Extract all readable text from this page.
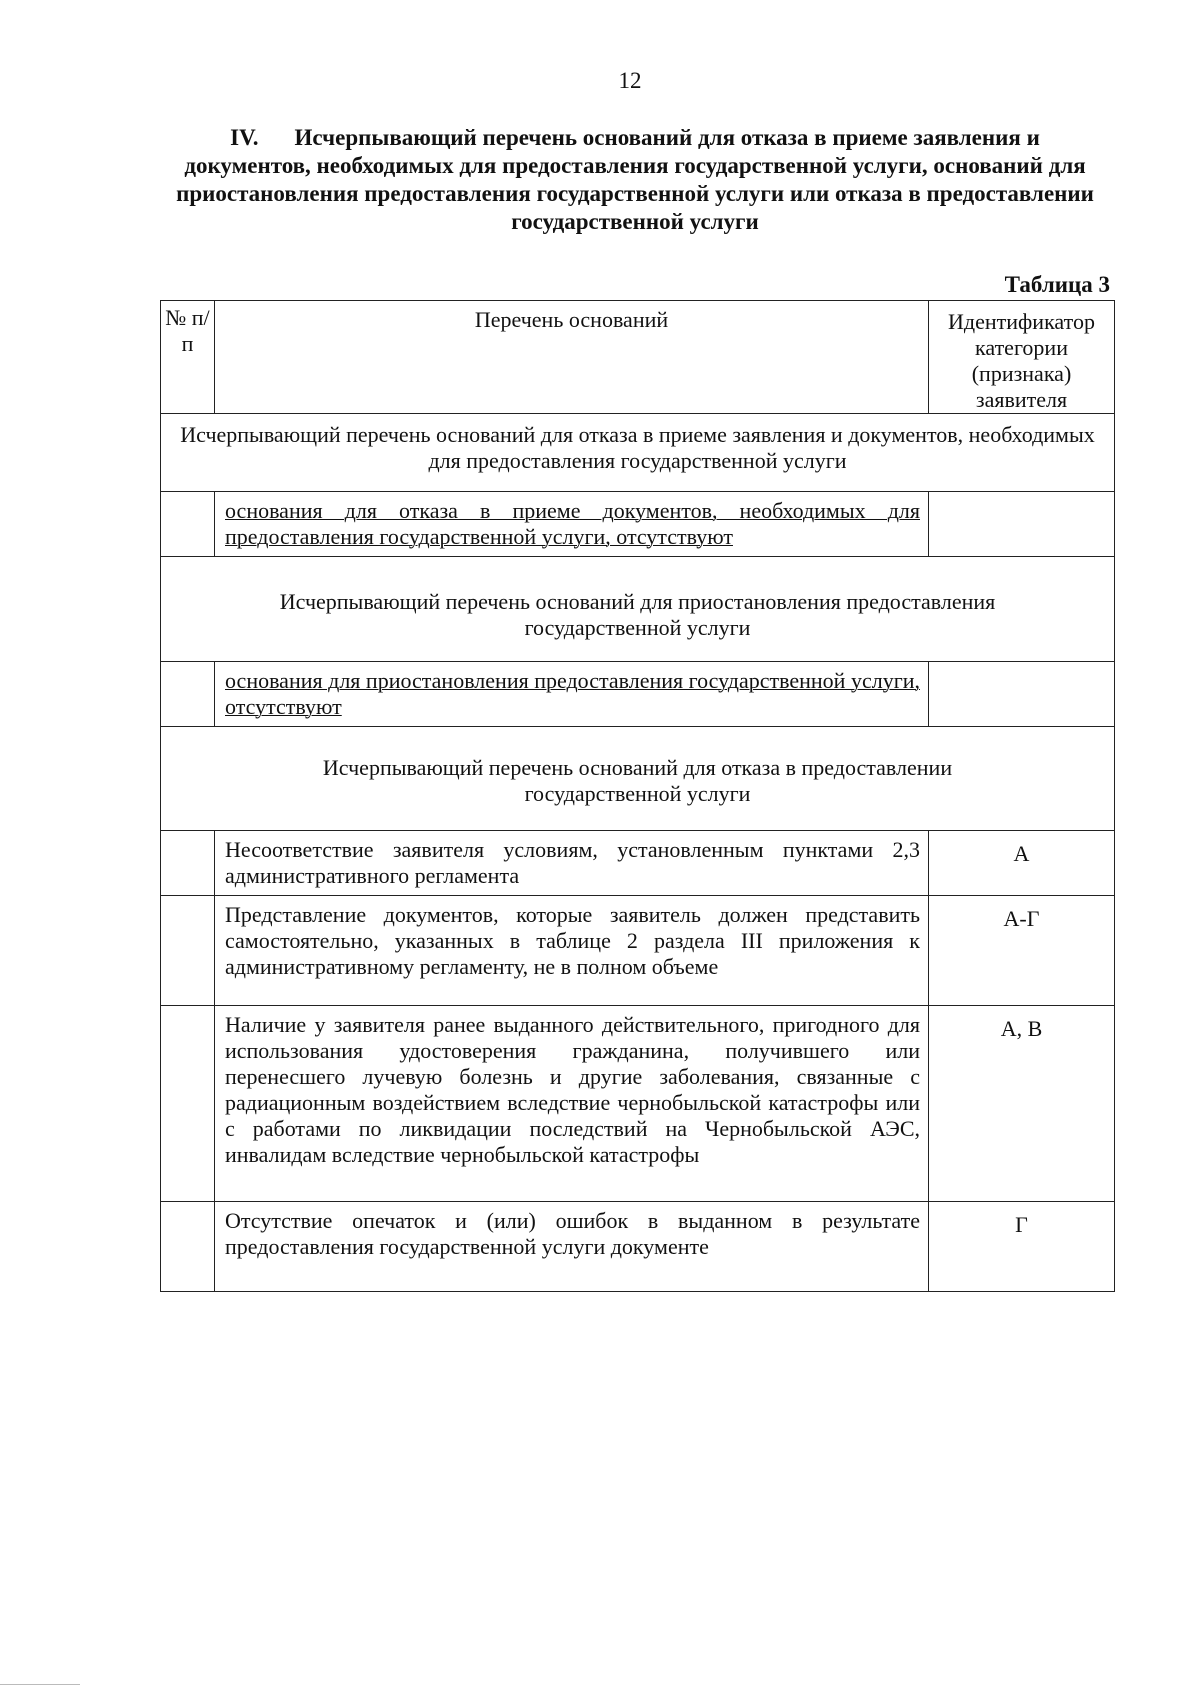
12
IV. Исчерпывающий перечень оснований для отказа в приеме заявления и документов, необходимых для предоставления государственной услуги, оснований для приостановления предоставления государственной услуги или отказа в предоставлении государственной услуги
Таблица 3
№ п/п	Перечень оснований	Идентификатор категории (признака) заявителя
Исчерпывающий перечень оснований для отказа в приеме заявления и документов, необходимых для предоставления государственной услуги		
	основания для отказа в приеме документов, необходимых для предоставления государственной услуги, отсутствуют	
Исчерпывающий перечень оснований для приостановления предоставления государственной услуги		
	основания для приостановления предоставления государственной услуги, отсутствуют	
Исчерпывающий перечень оснований для отказа в предоставлении государственной услуги		
	Несоответствие заявителя условиям, установленным пунктами 2,3 административного регламента	А
	Представление документов, которые заявитель должен представить самостоятельно, указанных в таблице 2 раздела III приложения к административному регламенту, не в полном объеме	А-Г
	Наличие у заявителя ранее выданного действительного, пригодного для использования удостоверения гражданина, получившего или перенесшего лучевую болезнь и другие заболевания, связанные с радиационным воздействием вследствие чернобыльской катастрофы или с работами по ликвидации последствий на Чернобыльской АЭС, инвалидам вследствие чернобыльской катастрофы	А, В
	Отсутствие опечаток и (или) ошибок в выданном в результате предоставления государственной услуги документе	Г
